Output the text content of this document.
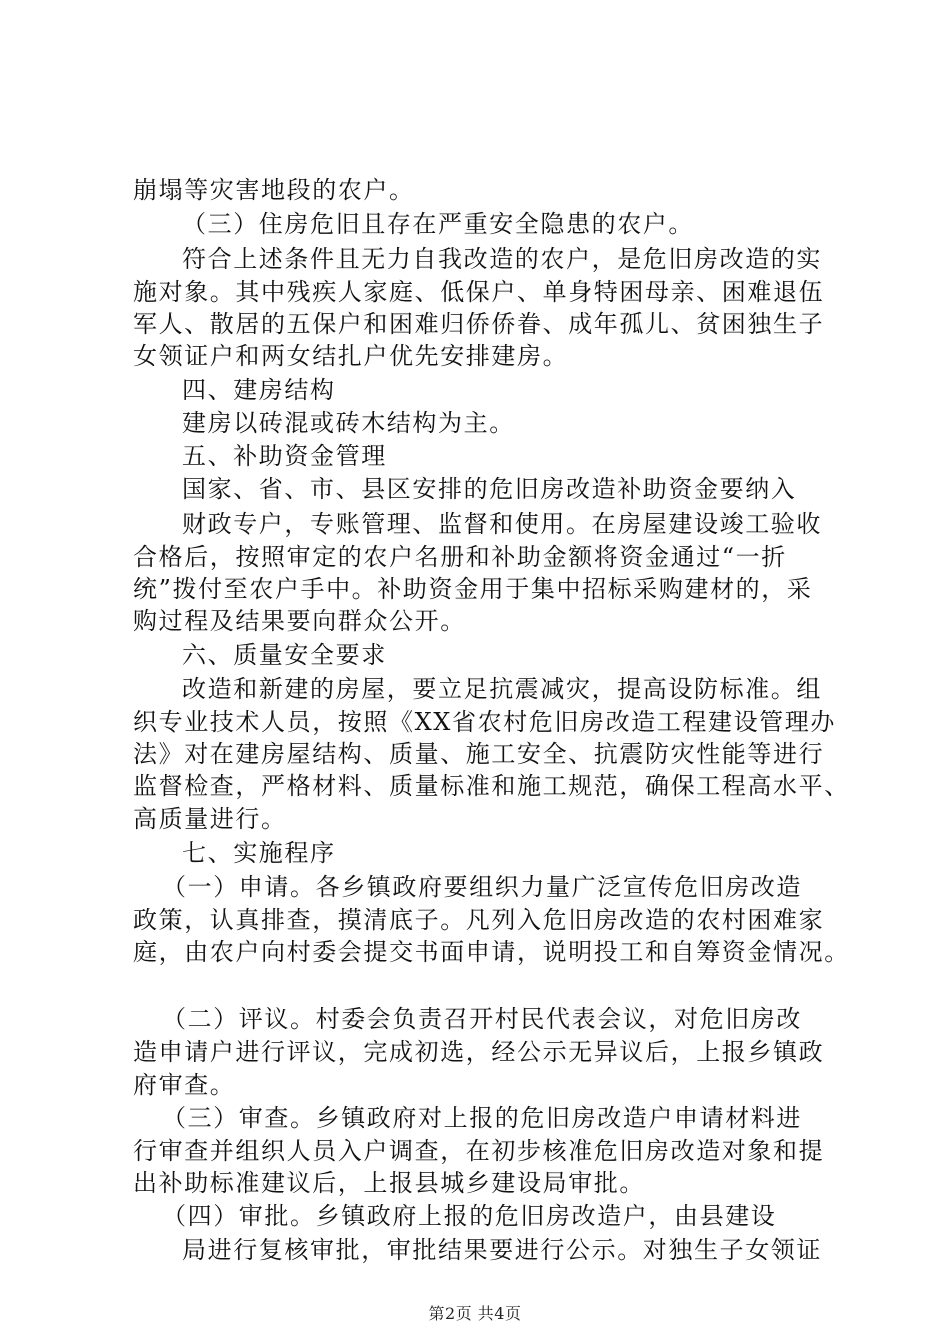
崩塌等灾害地段的农户。
（三）住房危旧且存在严重安全隐患的农户。
符合上述条件且无力自我改造的农户，是危旧房改造的实
施对象。其中残疾人家庭、低保户、单身特困母亲、困难退伍
军人、散居的五保户和困难归侨侨眷、成年孤儿、贫困独生子
女领证户和两女结扎户优先安排建房。
四、建房结构
建房以砖混或砖木结构为主。
五、补助资金管理
国家、省、市、县区安排的危旧房改造补助资金要纳入
财政专户，专账管理、监督和使用。在房屋建设竣工验收
合格后，按照审定的农户名册和补助金额将资金通过“一折
统”拨付至农户手中。补助资金用于集中招标采购建材的，采
购过程及结果要向群众公开。
六、质量安全要求
改造和新建的房屋，要立足抗震减灾，提高设防标准。组
织专业技术人员，按照《XX省农村危旧房改造工程建设管理办
法》对在建房屋结构、质量、施工安全、抗震防灾性能等进行
监督检查，严格材料、质量标准和施工规范，确保工程高水平、
高质量进行。
七、实施程序
（一）申请。各乡镇政府要组织力量广泛宣传危旧房改造
政策，认真排查，摸清底子。凡列入危旧房改造的农村困难家
庭，由农户向村委会提交书面申请，说明投工和自筹资金情况。
（二）评议。村委会负责召开村民代表会议，对危旧房改
造申请户进行评议，完成初选，经公示无异议后，上报乡镇政
府审查。
（三）审查。乡镇政府对上报的危旧房改造户申请材料进
行审查并组织人员入户调查，在初步核准危旧房改造对象和提
出补助标准建议后，上报县城乡建设局审批。
（四）审批。乡镇政府上报的危旧房改造户，由县建设
局进行复核审批，审批结果要进行公示。对独生子女领证
第2页 共4页
